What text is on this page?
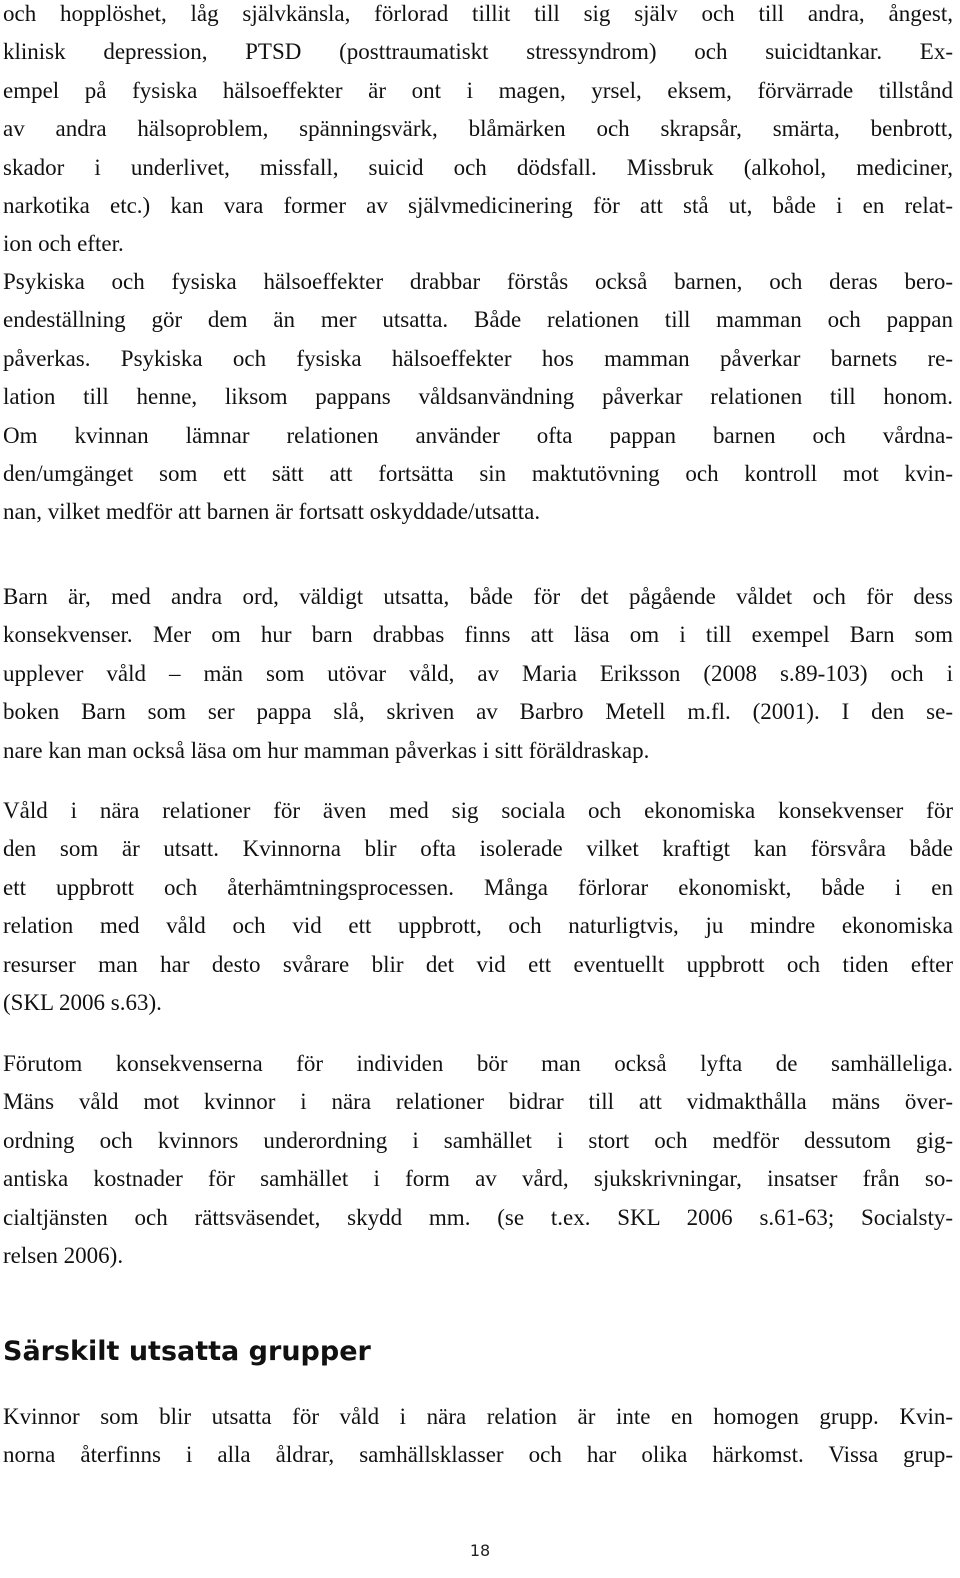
och hopplöshet, låg självkänsla, förlorad tillit till sig själv och till andra, ångest,
klinisk depression, PTSD (posttraumatiskt stressyndrom) och suicidtankar. Ex-
empel på fysiska hälsoeffekter är ont i magen, yrsel, eksem, förvärrade tillstånd
av andra hälsoproblem, spänningsvärk, blåmärken och skrapsår, smärta, benbrott,
skador i underlivet, missfall, suicid och dödsfall. Missbruk (alkohol, mediciner,
narkotika etc.) kan vara former av självmedicinering för att stå ut, både i en relat-
ion och efter.
Psykiska och fysiska hälsoeffekter drabbar förstås också barnen, och deras bero-
endeställning gör dem än mer utsatta. Både relationen till mamman och pappan
påverkas. Psykiska och fysiska hälsoeffekter hos mamman påverkar barnets re-
lation till henne, liksom pappans våldsanvändning påverkar relationen till honom.
Om kvinnan lämnar relationen använder ofta pappan barnen och vårdna-
den/umgänget som ett sätt att fortsätta sin maktutövning och kontroll mot kvin-
nan, vilket medför att barnen är fortsatt oskyddade/utsatta.
Barn är, med andra ord, väldigt utsatta, både för det pågående våldet och för dess
konsekvenser. Mer om hur barn drabbas finns att läsa om i till exempel Barn som
upplever våld – män som utövar våld, av Maria Eriksson (2008 s.89-103) och i
boken Barn som ser pappa slå, skriven av Barbro Metell m.fl. (2001). I den se-
nare kan man också läsa om hur mamman påverkas i sitt föräldraskap.
Våld i nära relationer för även med sig sociala och ekonomiska konsekvenser för
den som är utsatt. Kvinnorna blir ofta isolerade vilket kraftigt kan försvåra både
ett uppbrott och återhämtningsprocessen. Många förlorar ekonomiskt, både i en
relation med våld och vid ett uppbrott, och naturligtvis, ju mindre ekonomiska
resurser man har desto svårare blir det vid ett eventuellt uppbrott och tiden efter
(SKL 2006 s.63).
Förutom konsekvenserna för individen bör man också lyfta de samhälleliga.
Mäns våld mot kvinnor i nära relationer bidrar till att vidmakthålla mäns över-
ordning och kvinnors underordning i samhället i stort och medför dessutom gig-
antiska kostnader för samhället i form av vård, sjukskrivningar, insatser från so-
cialtjänsten och rättsväsendet, skydd mm. (se t.ex. SKL 2006 s.61-63; Socialsty-
relsen 2006).
Särskilt utsatta grupper
Kvinnor som blir utsatta för våld i nära relation är inte en homogen grupp. Kvin-
norna återfinns i alla åldrar, samhällsklasser och har olika härkomst. Vissa grup-
18
